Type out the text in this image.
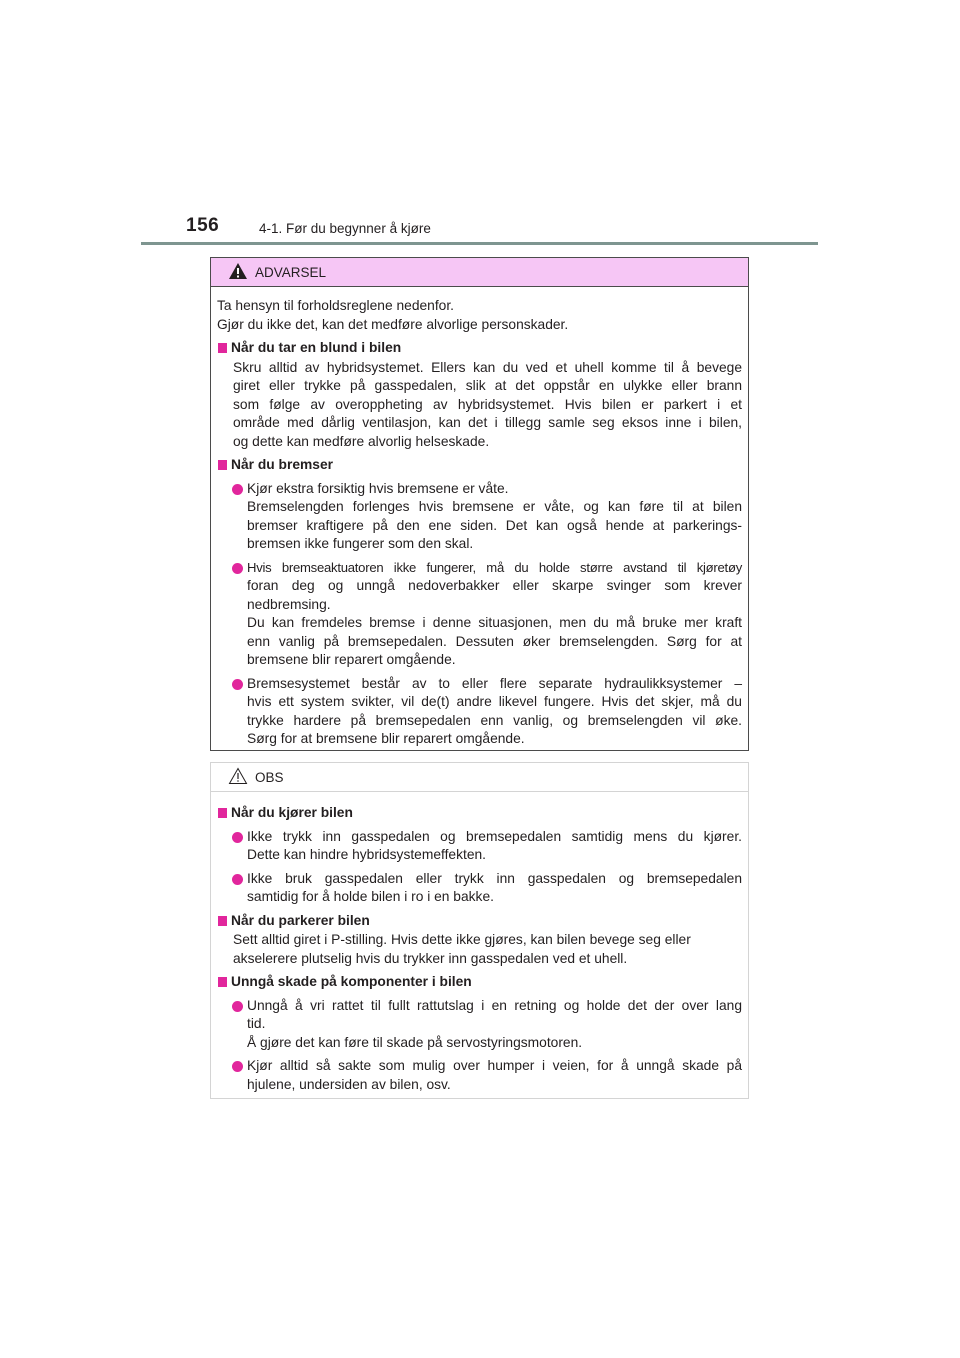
156	4-1. Før du begynner å kjøre
ADVARSEL

Ta hensyn til forholdsreglene nedenfor.

Gjør du ikke det, kan det medføre alvorlige personskader.

Når du tar en blund i bilen
Skru alltid av hybridsystemet. Ellers kan du ved et uhell komme til å bevege
giret eller trykke på gasspedalen, slik at det oppstår en ulykke eller brann
som følge av overoppheting av hybridsystemet. Hvis bilen er parkert i et
område med dårlig ventilasjon, kan det i tillegg samle seg eksos inne i bilen,
og dette kan medføre alvorlig helseskade.
Når du bremser
Kjør ekstra forsiktig hvis bremsene er våte.
Bremselengden forlenges hvis bremsene er våte, og kan føre til at bilen
bremser kraftigere på den ene siden. Det kan også hende at parkerings-
bremsen ikke fungerer som den skal.
Hvis bremseaktuatoren ikke fungerer, må du holde større avstand til kjøretøy
foran deg og unngå nedoverbakker eller skarpe svinger som krever
nedbremsing.
Du kan fremdeles bremse i denne situasjonen, men du må bruke mer kraft
enn vanlig på bremsepedalen. Dessuten øker bremselengden. Sørg for at
bremsene blir reparert omgående.
Bremsesystemet består av to eller flere separate hydraulikksystemer –
hvis ett system svikter, vil de(t) andre likevel fungere. Hvis det skjer, må du
trykke hardere på bremsepedalen enn vanlig, og bremselengden vil øke.
Sørg for at bremsene blir reparert omgående.
OBS
Når du kjører bilen
Ikke trykk inn gasspedalen og bremsepedalen samtidig mens du kjører.
Dette kan hindre hybridsystemeffekten.
Ikke bruk gasspedalen eller trykk inn gasspedalen og bremsepedalen
samtidig for å holde bilen i ro i en bakke.
Når du parkerer bilen
Sett alltid giret i P-stilling. Hvis dette ikke gjøres, kan bilen bevege seg eller
akselerere plutselig hvis du trykker inn gasspedalen ved et uhell.
Unngå skade på komponenter i bilen
Unngå å vri rattet til fullt rattutslag i en retning og holde det der over lang
tid.
Å gjøre det kan føre til skade på servostyringsmotoren.
Kjør alltid så sakte som mulig over humper i veien, for å unngå skade på
hjulene, undersiden av bilen, osv.
